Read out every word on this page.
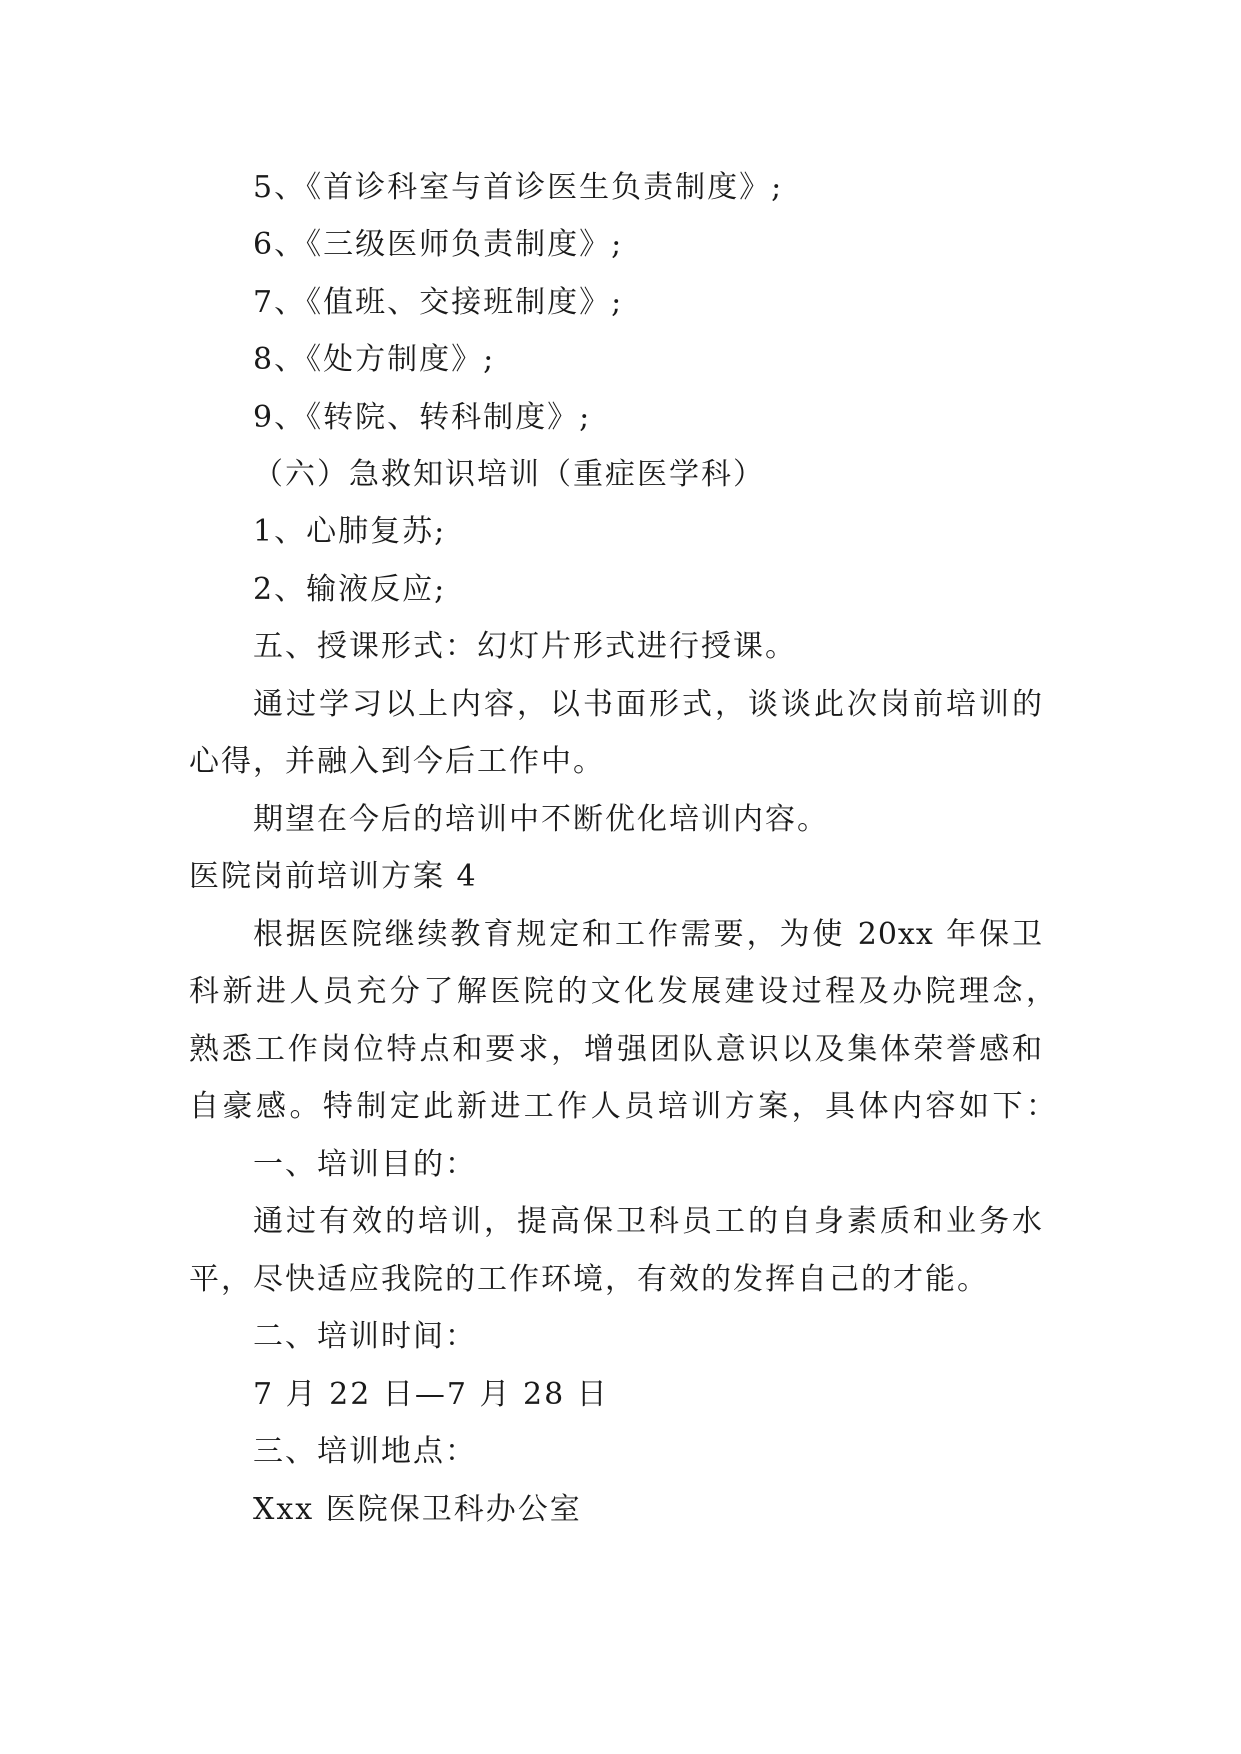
5、《首诊科室与首诊医生负责制度》;
6、《三级医师负责制度》;
7、《值班、交接班制度》;
8、《处方制度》;
9、《转院、转科制度》;
（六）急救知识培训（重症医学科）
1、心肺复苏;
2、输液反应;
五、授课形式：幻灯片形式进行授课。
通过学习以上内容，以书面形式，谈谈此次岗前培训的
心得，并融入到今后工作中。
期望在今后的培训中不断优化培训内容。
医院岗前培训方案 4
根据医院继续教育规定和工作需要，为使 20xx 年保卫
科新进人员充分了解医院的文化发展建设过程及办院理念，
熟悉工作岗位特点和要求，增强团队意识以及集体荣誉感和
自豪感。特制定此新进工作人员培训方案，具体内容如下：
一、培训目的：
通过有效的培训，提高保卫科员工的自身素质和业务水
平，尽快适应我院的工作环境，有效的发挥自己的才能。
二、培训时间：
7 月 22 日—7 月 28 日
三、培训地点：
Xxx 医院保卫科办公室
